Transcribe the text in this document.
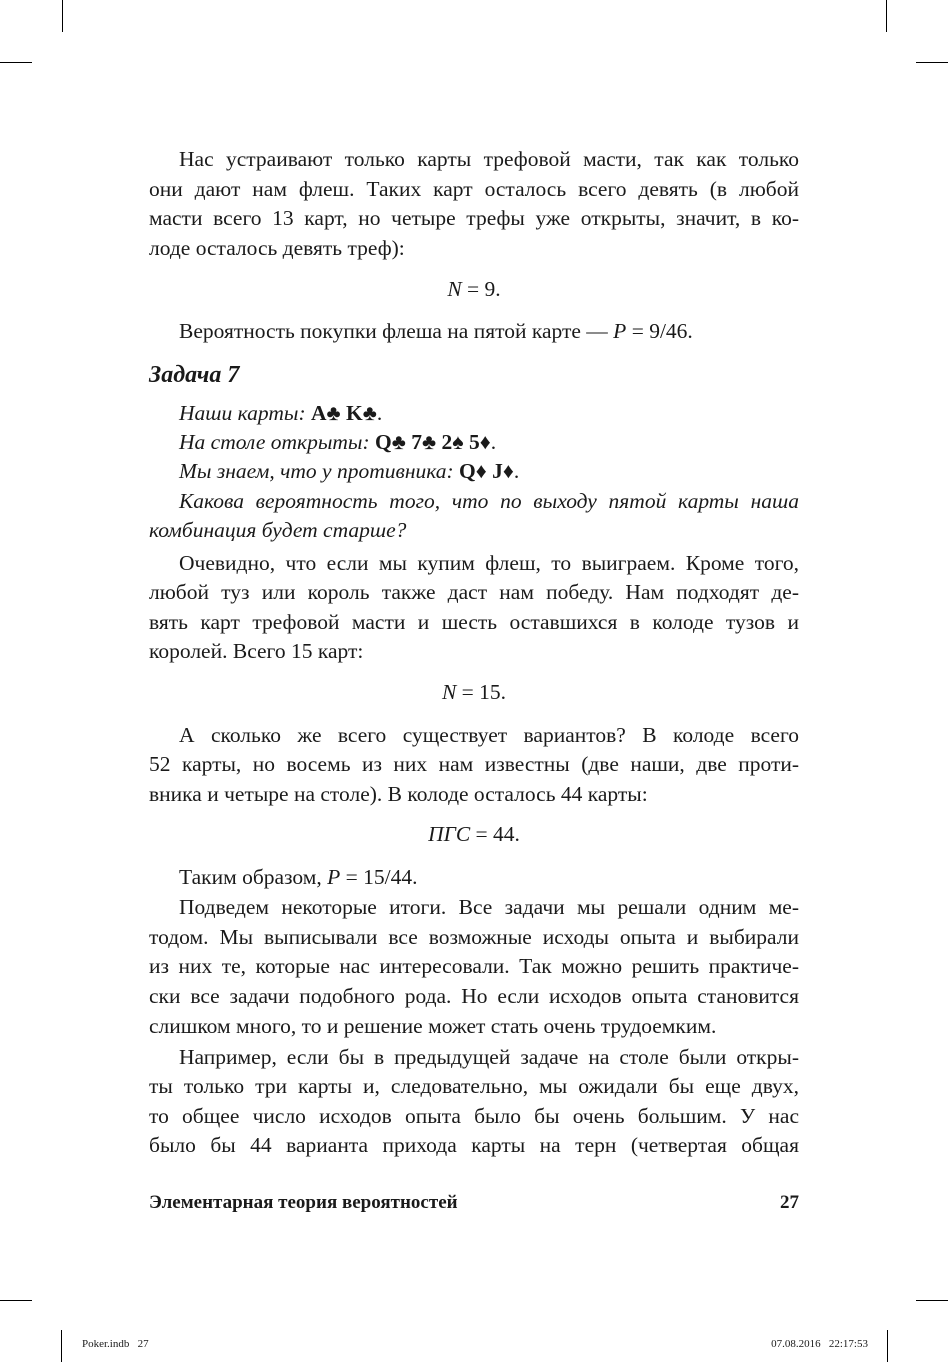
Нас устраивают только карты трефовой масти, так как только
они дают нам флеш. Таких карт осталось всего девять (в любой
масти всего 13 карт, но четыре трефы уже открыты, значит, в ко-
лоде осталось девять треф):
N = 9.
Вероятность покупки флеша на пятой карте — P = 9/46.
Задача 7
Наши карты: A♣ K♣.
На столе открыты: Q♣ 7♣ 2♠ 5♦.
Мы знаем, что у противника: Q♦ J♦.
Какова вероятность того, что по выходу пятой карты наша
комбинация будет старше?
Очевидно, что если мы купим флеш, то выиграем. Кроме того,
любой туз или король также даст нам победу. Нам подходят де-
вять карт трефовой масти и шесть оставшихся в колоде тузов и
королей. Всего 15 карт:
N = 15.
А сколько же всего существует вариантов? В колоде всего
52 карты, но восемь из них нам известны (две наши, две проти-
вника и четыре на столе). В колоде осталось 44 карты:
ПГС = 44.
Таким образом, P = 15/44.
Подведем некоторые итоги. Все задачи мы решали одним ме-
тодом. Мы выписывали все возможные исходы опыта и выбирали
из них те, которые нас интересовали. Так можно решить практиче-
ски все задачи подобного рода. Но если исходов опыта становится
слишком много, то и решение может стать очень трудоемким.
Например, если бы в предыдущей задаче на столе были откры-
ты только три карты и, следовательно, мы ожидали бы еще двух,
то общее число исходов опыта было бы очень большим. У нас
было бы 44 варианта прихода карты на терн (четвертая общая
Элементарная теория вероятностей	27
Poker.indb   27	07.08.2016   22:17:53
